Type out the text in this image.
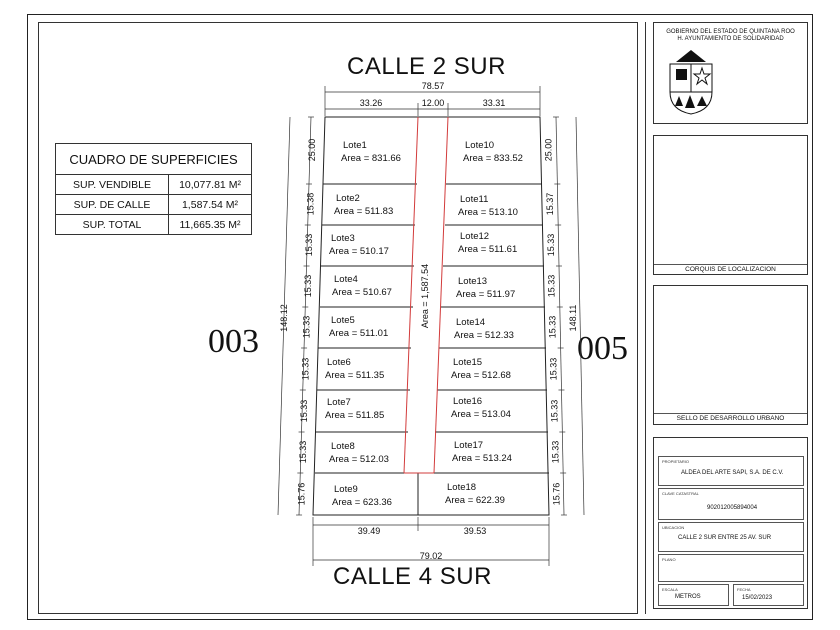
CALLE 2 SUR
CALLE 4 SUR
003	005
CUADRO DE SUPERFICIES	
SUP. VENDIBLE	10,077.81 M²
SUP. DE CALLE	1,587.54 M²
SUP. TOTAL	11,665.35 M²
78.57
33.26	12.00	33.31
39.49	39.53
79.02
148.12	148.11
Area = 1,587.54
25.00
15.38
15.33
15.33
15.33
15.33
15.33
15.33
15.76
25.00
15.37
15.33
15.33
15.33
15.33
15.33
15.33
15.76
Lote1
Area = 831.66
Lote2
Area = 511.83
Lote3
Area = 510.17
Lote4
Area = 510.67
Lote5
Area = 511.01
Lote6
Area = 511.35
Lote7
Area = 511.85
Lote8
Area = 512.03
Lote9
Area = 623.36
Lote10
Area = 833.52
Lote11
Area = 513.10
Lote12
Area = 511.61
Lote13
Area = 511.97
Lote14
Area = 512.33
Lote15
Area = 512.68
Lote16
Area = 513.04
Lote17
Area = 513.24
Lote18
Area = 622.39
GOBIERNO DEL ESTADO DE QUINTANA ROO
H. AYUNTAMIENTO DE SOLIDARIDAD
CORQUIS DE LOCALIZACION
SELLO DE DESARROLLO URBANO
PROPIETARIO
ALDEA DEL ARTE SAPI, S.A. DE C.V.
CLAVE CATASTRAL
902012005894004
UBICACION
CALLE 2 SUR ENTRE 25 AV. SUR
PLANO
ESCALA
METROS
FECHA
15/02/2023
